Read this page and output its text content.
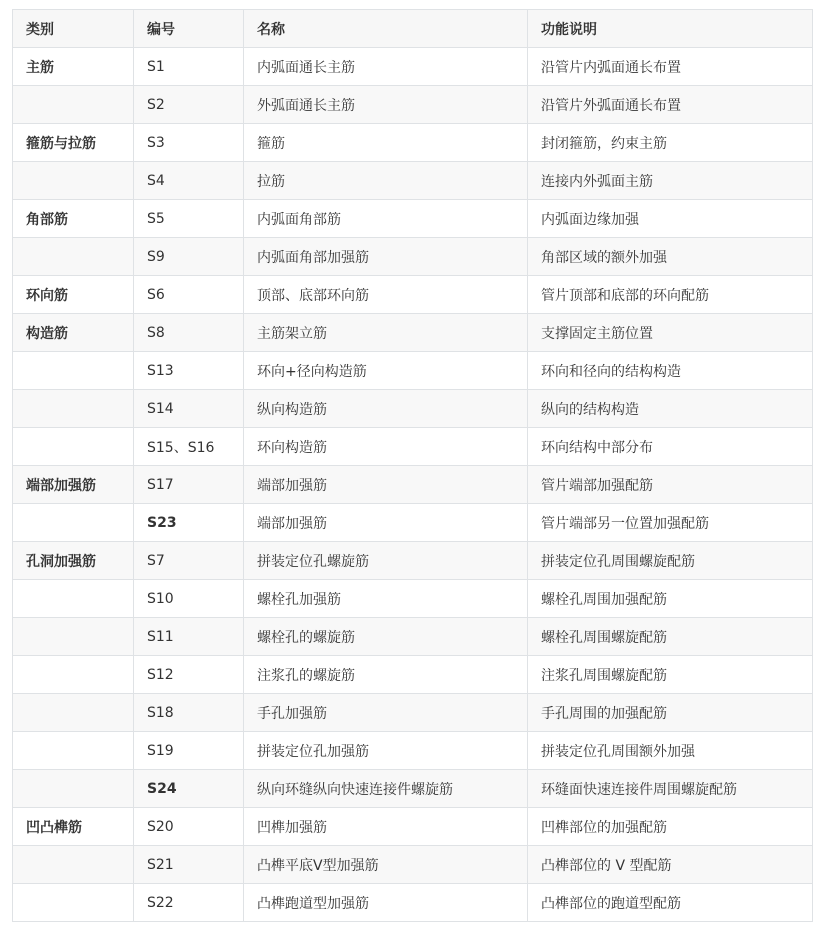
类别	编号	名称	功能说明
主筋	S1	内弧面通长主筋	沿管片内弧面通长布置
	S2	外弧面通长主筋	沿管片外弧面通长布置
箍筋与拉筋	S3	箍筋	封闭箍筋，约束主筋
	S4	拉筋	连接内外弧面主筋
角部筋	S5	内弧面角部筋	内弧面边缘加强
	S9	内弧面角部加强筋	角部区域的额外加强
环向筋	S6	顶部、底部环向筋	管片顶部和底部的环向配筋
构造筋	S8	主筋架立筋	支撑固定主筋位置
	S13	环向+径向构造筋	环向和径向的结构构造
	S14	纵向构造筋	纵向的结构构造
	S15、S16	环向构造筋	环向结构中部分布
端部加强筋	S17	端部加强筋	管片端部加强配筋
	S23	端部加强筋	管片端部另一位置加强配筋
孔洞加强筋	S7	拼装定位孔螺旋筋	拼装定位孔周围螺旋配筋
	S10	螺栓孔加强筋	螺栓孔周围加强配筋
	S11	螺栓孔的螺旋筋	螺栓孔周围螺旋配筋
	S12	注浆孔的螺旋筋	注浆孔周围螺旋配筋
	S18	手孔加强筋	手孔周围的加强配筋
	S19	拼装定位孔加强筋	拼装定位孔周围额外加强
	S24	纵向环缝纵向快速连接件螺旋筋	环缝面快速连接件周围螺旋配筋
凹凸榫筋	S20	凹榫加强筋	凹榫部位的加强配筋
	S21	凸榫平底V型加强筋	凸榫部位的 V 型配筋
	S22	凸榫跑道型加强筋	凸榫部位的跑道型配筋
